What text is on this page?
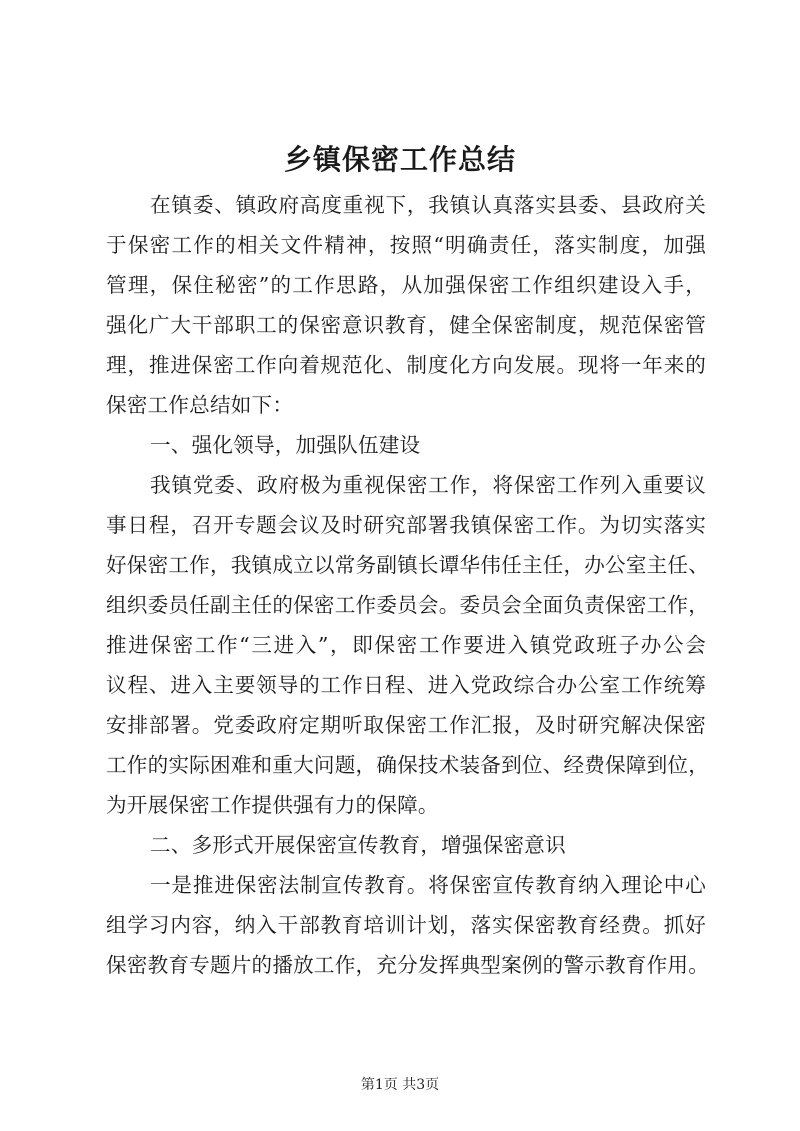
乡镇保密工作总结
在镇委、镇政府高度重视下，我镇认真落实县委、县政府关
于保密工作的相关文件精神，按照“明确责任，落实制度，加强
管理，保住秘密”的工作思路，从加强保密工作组织建设入手，
强化广大干部职工的保密意识教育，健全保密制度，规范保密管
理，推进保密工作向着规范化、制度化方向发展。现将一年来的
保密工作总结如下：
一、强化领导，加强队伍建设
我镇党委、政府极为重视保密工作，将保密工作列入重要议
事日程，召开专题会议及时研究部署我镇保密工作。为切实落实
好保密工作，我镇成立以常务副镇长谭华伟任主任，办公室主任、
组织委员任副主任的保密工作委员会。委员会全面负责保密工作，
推进保密工作“三进入”，即保密工作要进入镇党政班子办公会
议程、进入主要领导的工作日程、进入党政综合办公室工作统筹
安排部署。党委政府定期听取保密工作汇报，及时研究解决保密
工作的实际困难和重大问题，确保技术装备到位、经费保障到位，
为开展保密工作提供强有力的保障。
二、多形式开展保密宣传教育，增强保密意识
一是推进保密法制宣传教育。将保密宣传教育纳入理论中心
组学习内容，纳入干部教育培训计划，落实保密教育经费。抓好
保密教育专题片的播放工作，充分发挥典型案例的警示教育作用。
第1页 共3页
